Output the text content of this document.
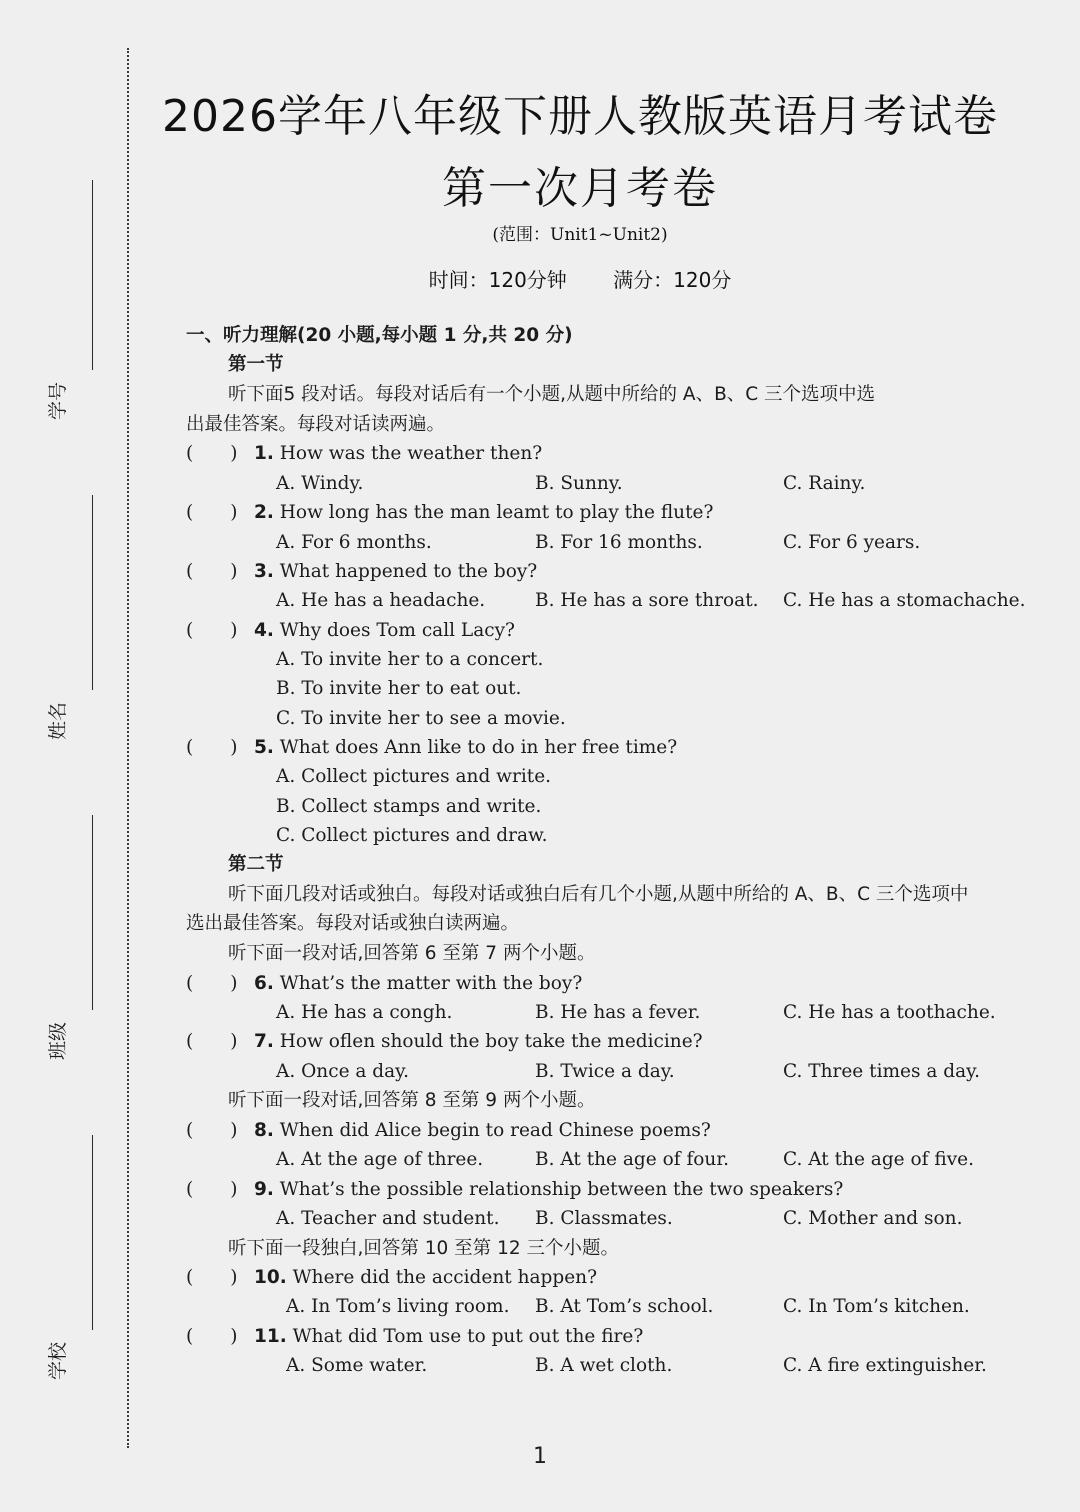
学号
姓名
班级
学校
2026学年八年级下册人教版英语月考试卷
第一次月考卷
(范围：Unit1~Unit2)
时间：120分钟 满分：120分
一、听力理解(20 小题,每小题 1 分,共 20 分)
第一节
听下面5 段对话。每段对话后有一个小题,从题中所给的 A、B、C 三个选项中选
出最佳答案。每段对话读两遍。
(　　) 1. How was the weather then?
A. Windy.	B. Sunny.	C. Rainy.
(　　) 2. How long has the man leamt to play the flute?
A. For 6 months.	B. For 16 months.	C. For 6 years.
(　　) 3. What happened to the boy?
A. He has a headache.	B. He has a sore throat. C. He has a stomachache.
(　　) 4. Why does Tom call Lacy?
A. To invite her to a concert.
B. To invite her to eat out.
C. To invite her to see a movie.
(　　) 5. What does Ann like to do in her free time?
A. Collect pictures and write.
B. Collect stamps and write.
C. Collect pictures and draw.
第二节
听下面几段对话或独白。每段对话或独白后有几个小题,从题中所给的 A、B、C 三个选项中
选出最佳答案。每段对话或独白读两遍。
听下面一段对话,回答第 6 至第 7 两个小题。
(　　) 6. What’s the matter with the boy?
A. He has a congh.	B. He has a fever.	C. He has a toothache.
(　　) 7. How oflen should the boy take the medicine?
A. Once a day.	B. Twice a day.	C. Three times a day.
听下面一段对话,回答第 8 至第 9 两个小题。
(　　) 8. When did Alice begin to read Chinese poems?
A. At the age of three.	B. At the age of four.	C. At the age of five.
(　　) 9. What’s the possible relationship between the two speakers?
A. Teacher and student. B. Classmates.	C. Mother and son.
听下面一段独白,回答第 10 至第 12 三个小题。
(　　) 10. Where did the accident happen?
A. In Tom’s living room. B. At Tom’s school.	C. In Tom’s kitchen.
(　　) 11. What did Tom use to put out the fire?
A. Some water.	B. A wet cloth.	C. A fire extinguisher.
1
